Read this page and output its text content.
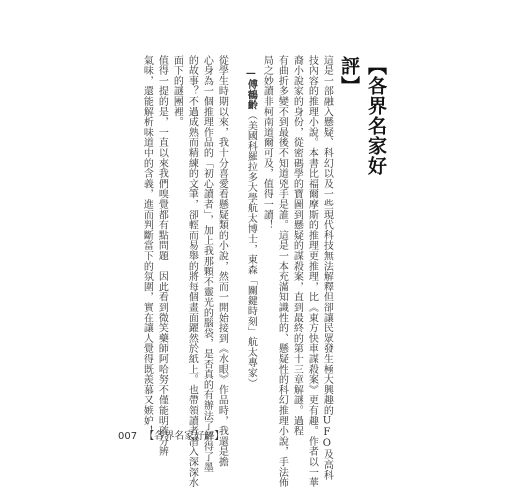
【各界名家好評】
這是一部融入懸疑、科幻以及一些現代科技無法解釋但卻讓民眾發生極大興趣的UFO及高科
技內容的推理小說。本書比福爾摩斯的推理更推理，比《東方快車謀殺案》更有趣。作者以一華
裔小說家的身份，從密碼學的寶圖到懸疑的謀殺案，直到最終的第十三章解謎。過程
有曲折多變不到最後不知道兇手是誰。這是一本充滿知識性的、懸疑性的科幻推理小說，手法佈
局之妙讀非柯南道爾可及，值得一讀！
—傅鶴齡（美國科羅拉多大學航太博士，東森「關鍵時刻」航太專家）
從學生時期以來，我十分喜愛看懸疑類的小說，然而一開始接到《水眼》作品時，我還是擔
心身為一個推理作品的「初心讀者」，加上我那顆不靈光的腦袋，是否真的有辦法了解得了墨
的故事？不過成熟而精練的文筆，卻輕而易舉的將每個畫面躍然於紙上。也帶領讀者潛入深深水
面下的謎團裡。
值得一提的是，一直以來我們嗅覺都有點問題　因此看到微笑藥師阿哈努不僅能明確分辨
氣味，還能解析味道中的含義，進而判斷當下的氛圍，實在讓人覺得既羨慕又嫉妒！
007 【各界名家好評】
